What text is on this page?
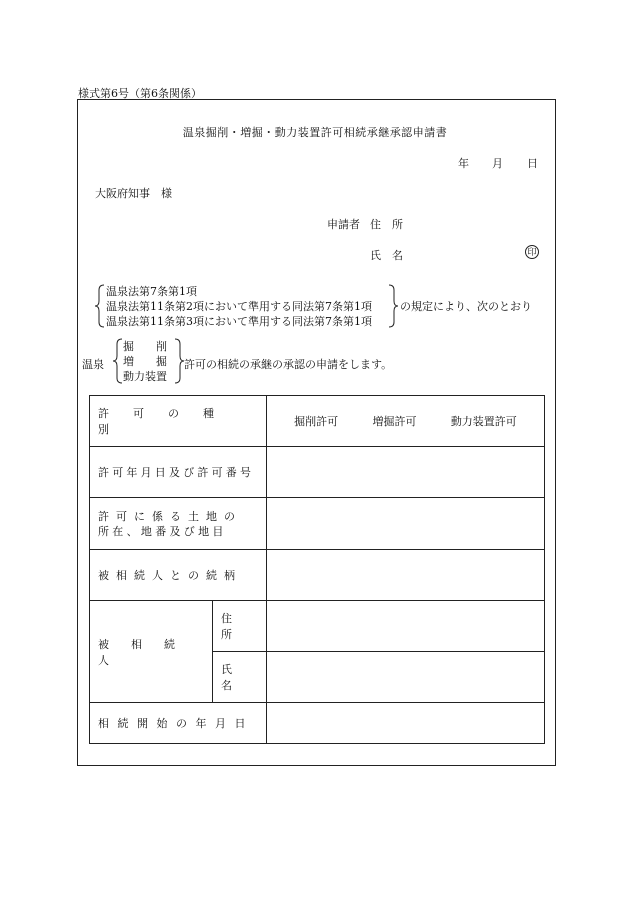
様式第6号（第6条関係）
温泉掘削・増掘・動力装置許可相続承継承認申請書
年 月 日
大阪府知事　様
申請者 住　所
氏　名	印
温泉法第7条第1項
温泉法第11条第2項において準用する同法第7条第1項
温泉法第11条第3項において準用する同法第7条第1項
の規定により、次のとおり
温泉
掘削
増掘
動力装置
許可の相続の承継の承認の申請をします。
許可の種別		掘削許可 増掘許可 動力装置許可

許可年月日及び許可番号		

許可に係る土地の
所在、地番及び地目		

被相続人との続柄		

被相続人	住所	

	氏名	

相続開始の年月日		
